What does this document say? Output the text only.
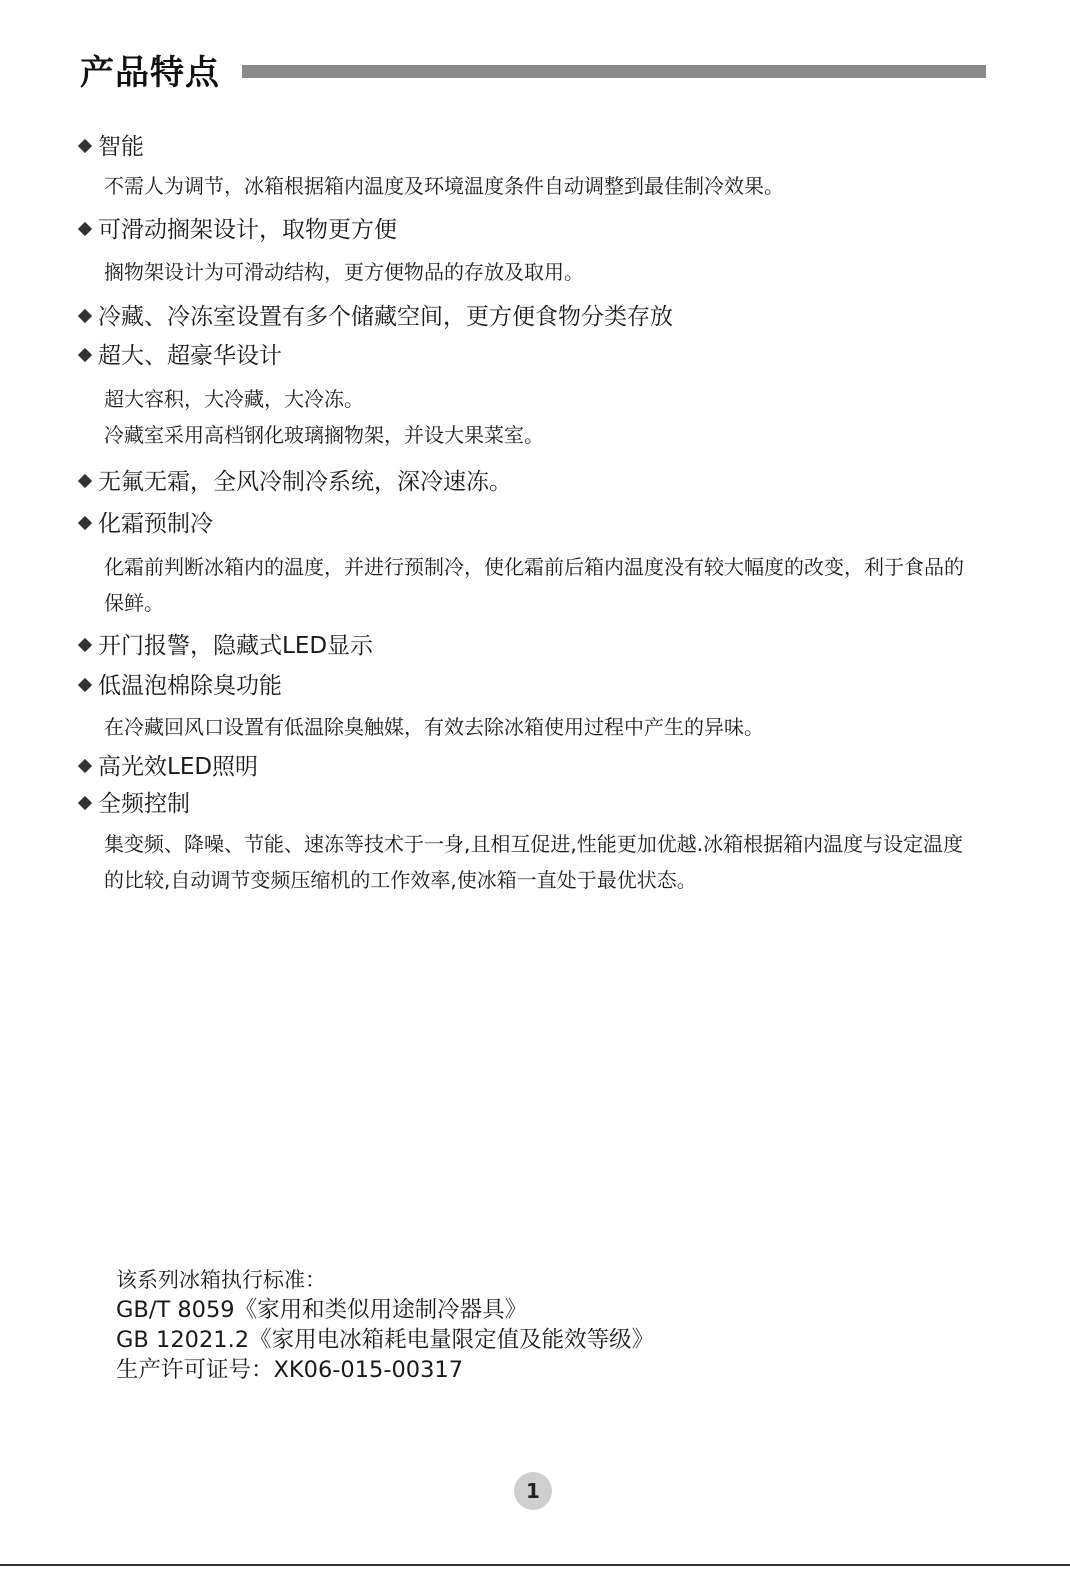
产品特点
智能
不需人为调节，冰箱根据箱内温度及环境温度条件自动调整到最佳制冷效果。
可滑动搁架设计，取物更方便
搁物架设计为可滑动结构，更方便物品的存放及取用。
冷藏、冷冻室设置有多个储藏空间，更方便食物分类存放
超大、超豪华设计
超大容积，大冷藏，大冷冻。
冷藏室采用高档钢化玻璃搁物架，并设大果菜室。
无氟无霜，全风冷制冷系统，深冷速冻。
化霜预制冷
化霜前判断冰箱内的温度，并进行预制冷，使化霜前后箱内温度没有较大幅度的改变，利于食品的保鲜。
开门报警，隐藏式LED显示
低温泡棉除臭功能
在冷藏回风口设置有低温除臭触媒，有效去除冰箱使用过程中产生的异味。
高光效LED照明
全频控制
集变频、降噪、节能、速冻等技术于一身,且相互促进,性能更加优越.冰箱根据箱内温度与设定温度的比较,自动调节变频压缩机的工作效率,使冰箱一直处于最优状态。
该系列冰箱执行标准：
GB/T 8059《家用和类似用途制冷器具》
GB 12021.2《家用电冰箱耗电量限定值及能效等级》
生产许可证号：XK06-015-00317
1
